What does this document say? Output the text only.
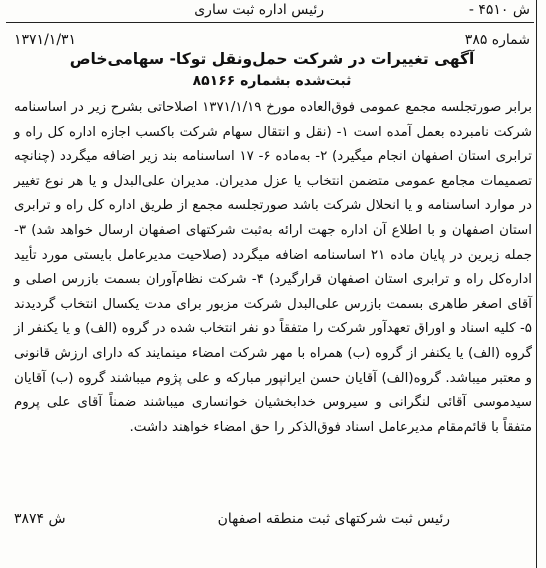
رئیس اداره ثبت ساری	ش ۴۵۱۰ -
شماره ۳۸۵
۱۳۷۱/۱/۳۱
آگهی تغییرات در شرکت حمل‌ونقل توکا- سهامی‌خاص
ثبت‌شده بشماره ۸۵۱۶۶
برابر صورتجلسه مجمع عمومی فوق‌العاده مورخ ۱۳۷۱/۱/۱۹ اصلاحاتی بشرح زیر در اساسنامه شرکت نامبرده بعمل آمده است ۱- (نقل و انتقال سهام شرکت باکسب اجازه اداره کل راه و ترابری استان اصفهان انجام میگیرد) ۲- به‌ماده ۶- ۱۷ اساسنامه بند زیر اضافه میگردد (چنانچه تصمیمات مجامع عمومی متضمن انتخاب یا عزل مدیران. مدیران علی‌البدل و یا هر نوع تغییر در موارد اساسنامه و یا انحلال شرکت باشد صورتجلسه مجمع از طریق اداره کل راه و ترابری استان اصفهان و با اطلاع آن اداره جهت ارائه به‌ثبت شرکتهای اصفهان ارسال خواهد شد) ۳- جمله زیرین در پایان ماده ۲۱ اساسنامه اضافه میگردد (صلاحیت مدیرعامل بایستی مورد تأیید اداره‌کل راه و ترابری استان اصفهان قرار‌گیرد) ۴- شرکت نظام‌آوران بسمت بازرس اصلی و آقای اصغر طاهری بسمت بازرس علی‌البدل شرکت مزبور برای مدت یکسال انتخاب گردیدند ۵- کلیه اسناد و اوراق تعهدآور شرکت را متفقاً دو نفر انتخاب شده در گروه (الف) و یا یکنفر از گروه (الف) یا یکنفر از گروه (ب) همراه با مهر شرکت امضاء مینمایند که دارای ارزش قانونی و معتبر میباشد. گروه(الف) آقایان حسن ایرانپور مبارکه و علی پژوم میباشند گروه (ب) آقایان سیدموسی آقائی لنگرانی و سیروس خدابخشیان خوانساری میباشند ضمناً آقای علی پروم متفقاً با قائم‌مقام مدیرعامل اسناد فوق‌الذکر را حق امضاء خواهند داشت.
رئیس ثبت شرکتهای ثبت منطقه اصفهان
ش ۳۸۷۴
